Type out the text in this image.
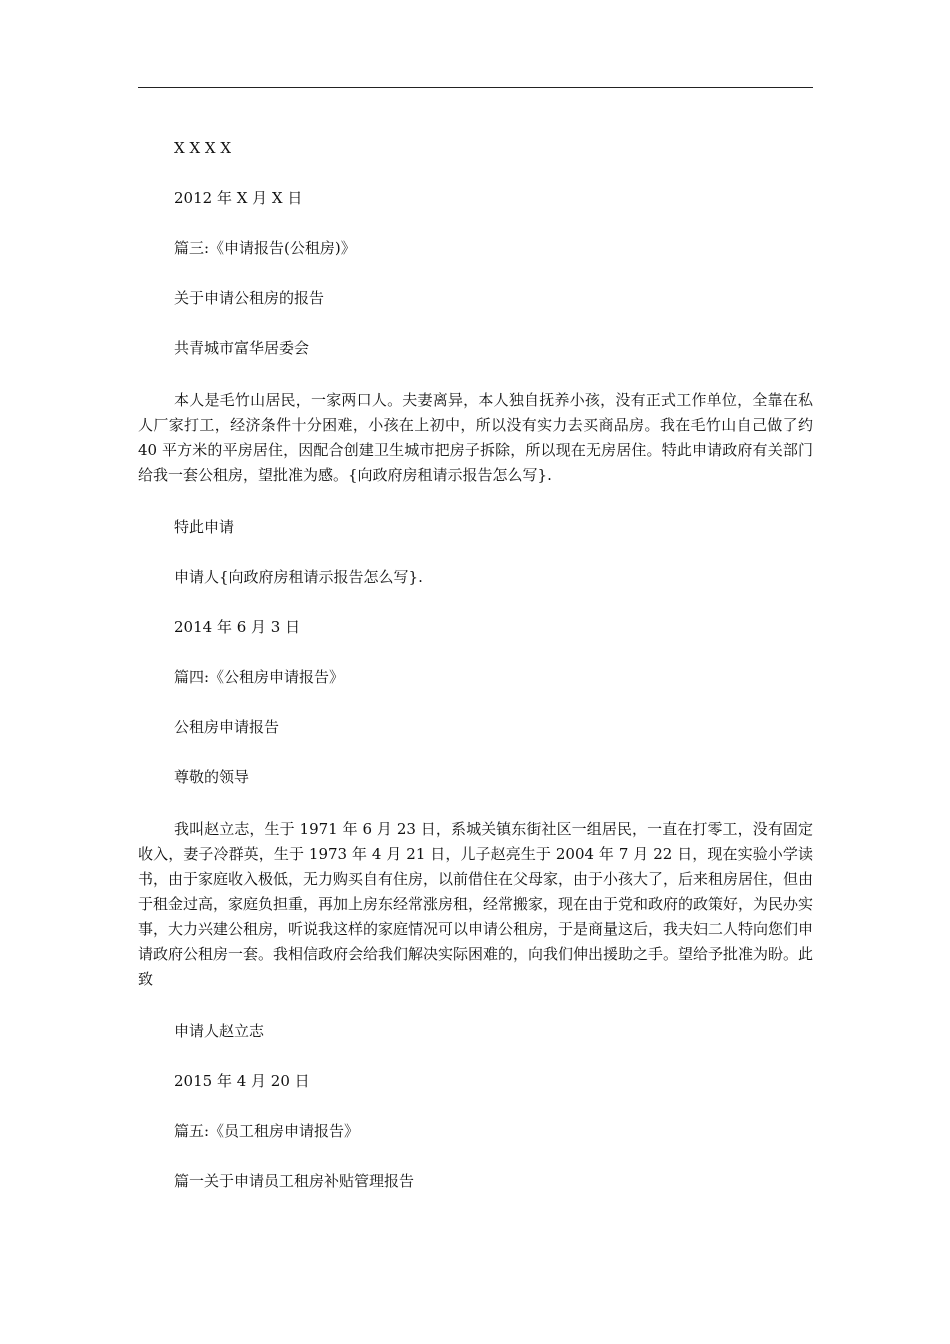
X X X X

2012 年 X 月 X 日

篇三:《申请报告(公租房)》

关于申请公租房的报告

共青城市富华居委会

本人是毛竹山居民，一家两口人。夫妻离异，本人独自抚养小孩，没有正式工作单位，全靠在私人厂家打工，经济条件十分困难，小孩在上初中，所以没有实力去买商品房。我在毛竹山自己做了约 40 平方米的平房居住，因配合创建卫生城市把房子拆除，所以现在无房居住。特此申请政府有关部门给我一套公租房，望批准为感。{向政府房租请示报告怎么写}.

特此申请

申请人{向政府房租请示报告怎么写}.

2014 年 6 月 3 日

篇四:《公租房申请报告》

公租房申请报告

尊敬的领导

我叫赵立志，生于 1971 年 6 月 23 日，系城关镇东街社区一组居民，一直在打零工，没有固定收入，妻子冷群英，生于 1973 年 4 月 21 日，儿子赵亮生于 2004 年 7 月 22 日，现在实验小学读书，由于家庭收入极低，无力购买自有住房，以前借住在父母家，由于小孩大了，后来租房居住，但由于租金过高，家庭负担重，再加上房东经常涨房租，经常搬家，现在由于党和政府的政策好，为民办实事，大力兴建公租房，听说我这样的家庭情况可以申请公租房，于是商量这后，我夫妇二人特向您们申请政府公租房一套。我相信政府会给我们解决实际困难的，向我们伸出援助之手。望给予批准为盼。此致

申请人赵立志

2015 年 4 月 20 日

篇五:《员工租房申请报告》

篇一关于申请员工租房补贴管理报告
